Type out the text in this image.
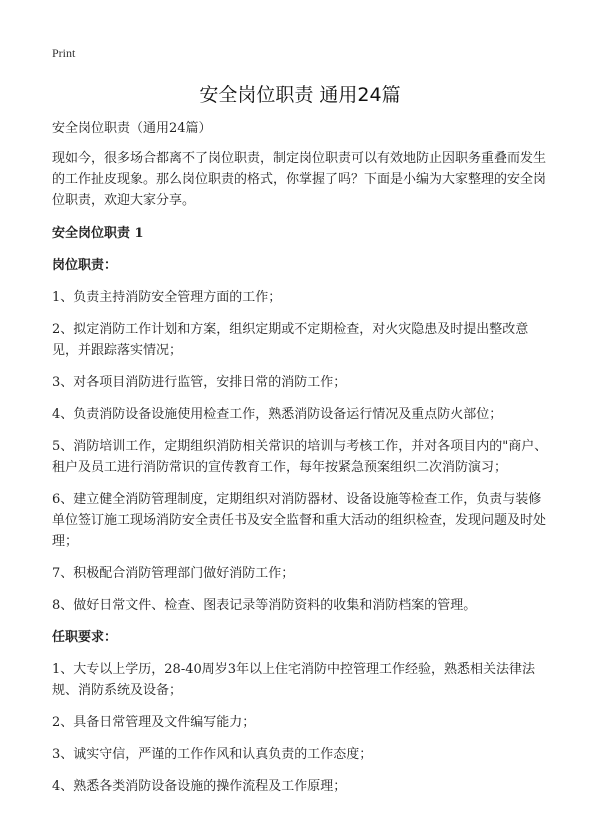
Print
安全岗位职责 通用24篇

安全岗位职责（通用24篇）

现如今，很多场合都离不了岗位职责，制定岗位职责可以有效地防止因职务重叠而发生的工作扯皮现象。那么岗位职责的格式，你掌握了吗？下面是小编为大家整理的安全岗位职责，欢迎大家分享。

安全岗位职责 1

岗位职责：

1、负责主持消防安全管理方面的工作；

2、拟定消防工作计划和方案，组织定期或不定期检查，对火灾隐患及时提出整改意见，并跟踪落实情况；

3、对各项目消防进行监管，安排日常的消防工作；

4、负责消防设备设施使用检查工作，熟悉消防设备运行情况及重点防火部位；

5、消防培训工作，定期组织消防相关常识的培训与考核工作，并对各项目内的"商户、租户及员工进行消防常识的宣传教育工作，每年按紧急预案组织二次消防演习；

6、建立健全消防管理制度，定期组织对消防器材、设备设施等检查工作，负责与装修单位签订施工现场消防安全责任书及安全监督和重大活动的组织检查，发现问题及时处理；

7、积极配合消防管理部门做好消防工作；

8、做好日常文件、检查、图表记录等消防资料的收集和消防档案的管理。

任职要求：

1、大专以上学历，28-40周岁3年以上住宅消防中控管理工作经验，熟悉相关法律法规、消防系统及设备；

2、具备日常管理及文件编写能力；

3、诚实守信，严谨的工作作风和认真负责的工作态度；

4、熟悉各类消防设备设施的操作流程及工作原理；
